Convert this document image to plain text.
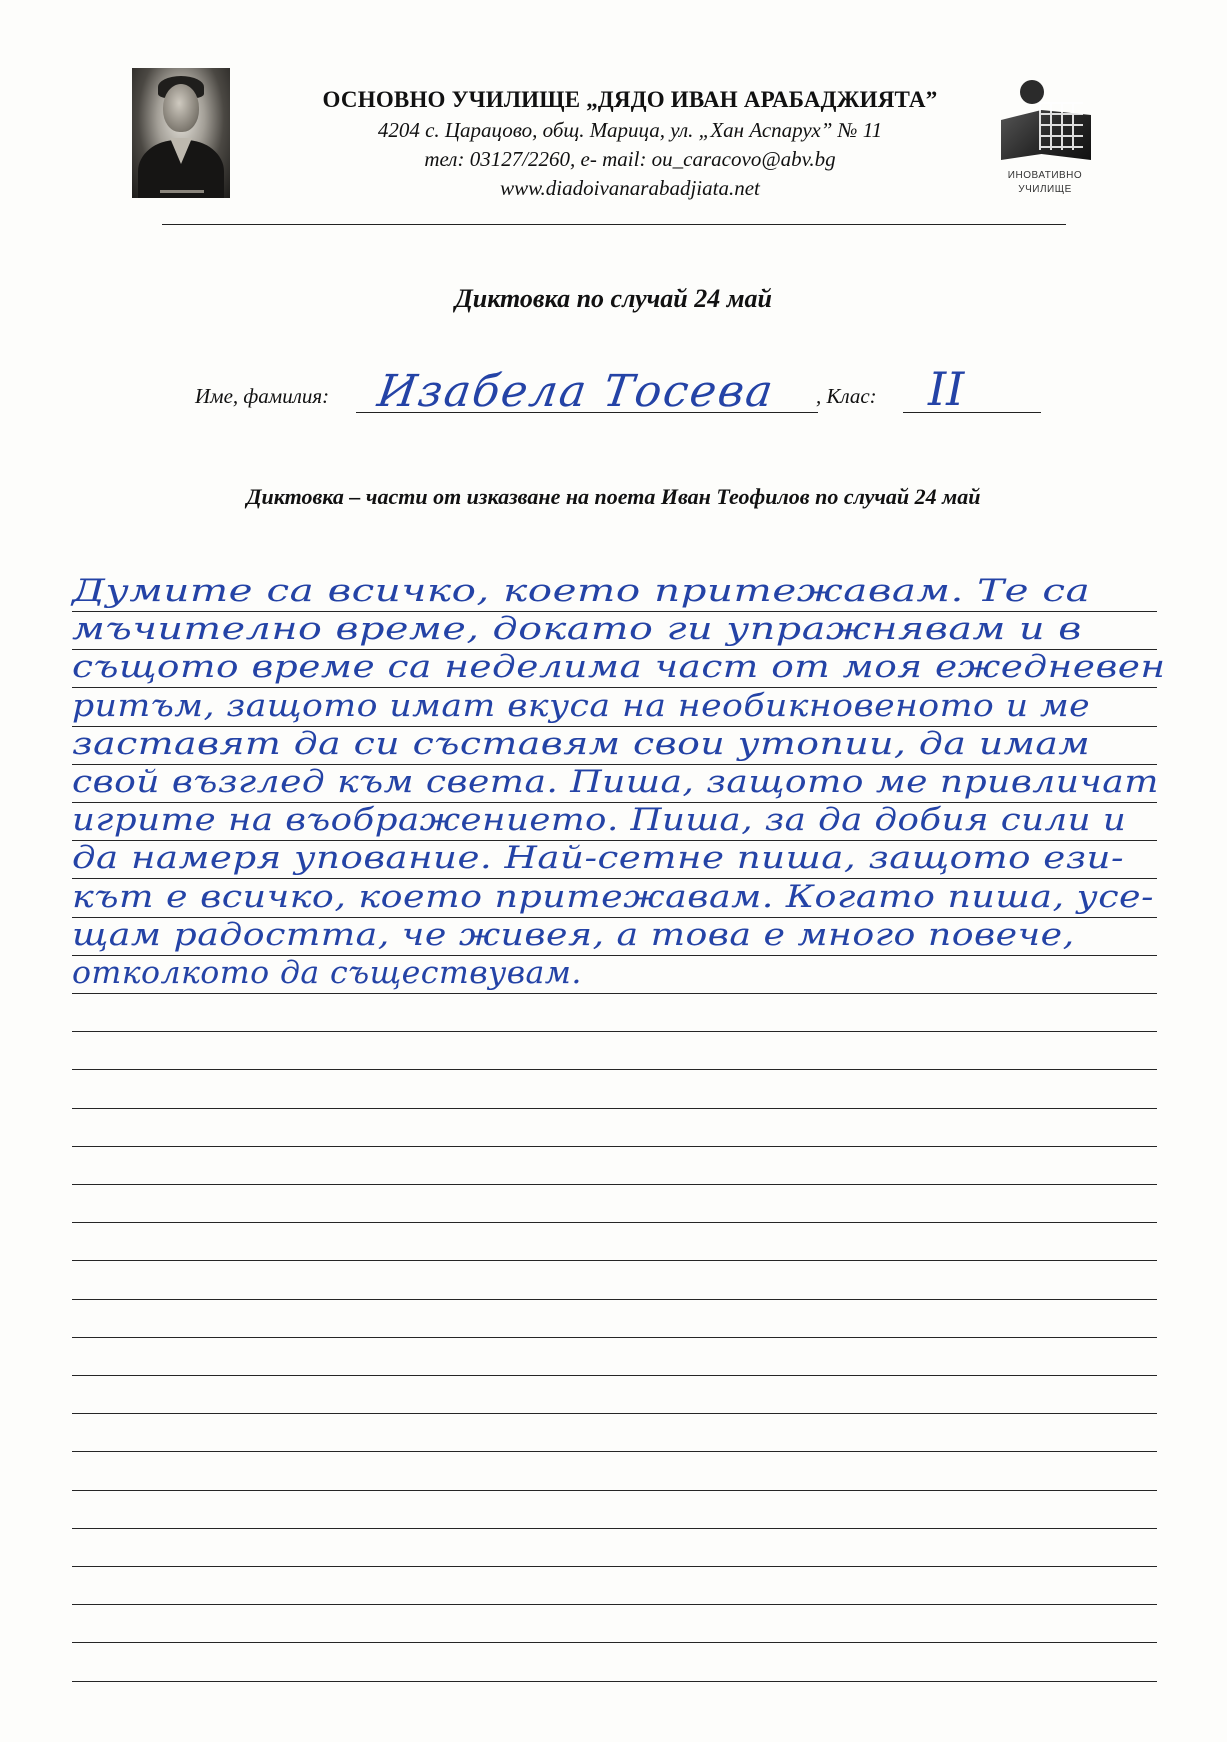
ОСНОВНО УЧИЛИЩЕ „ДЯДО ИВАН АРАБАДЖИЯТА”
4204 с. Царацово, общ. Марица, ул. „Хан Аспарух” № 11
тел: 03127/2260, e- mail: ou_caracovo@abv.bg
www.diadoivanarabadjiata.net
ИНОВАТИВНО
УЧИЛИЩЕ
Диктовка по случай 24 май
Име, фамилия: Изабела Тосева , Клас: II
Диктовка – части от изказване на поета Иван Теофилов по случай 24 май
Думите са всичко, което притежавам. Те са
мъчително време, докато ги упражнявам и в
същото време са неделима част от моя ежедневен
ритъм, защото имат вкуса на необикновеното и ме
заставят да си съставям свои утопии, да имам
свой възглед към света. Пиша, защото ме привличат
игрите на въображението. Пиша, за да добия сили и
да намеря упование. Най-сетне пиша, защото ези-
кът е всичко, което притежавам. Когато пиша, усе-
щам радостта, че живея, а това е много повече,
отколкото да съществувам.
